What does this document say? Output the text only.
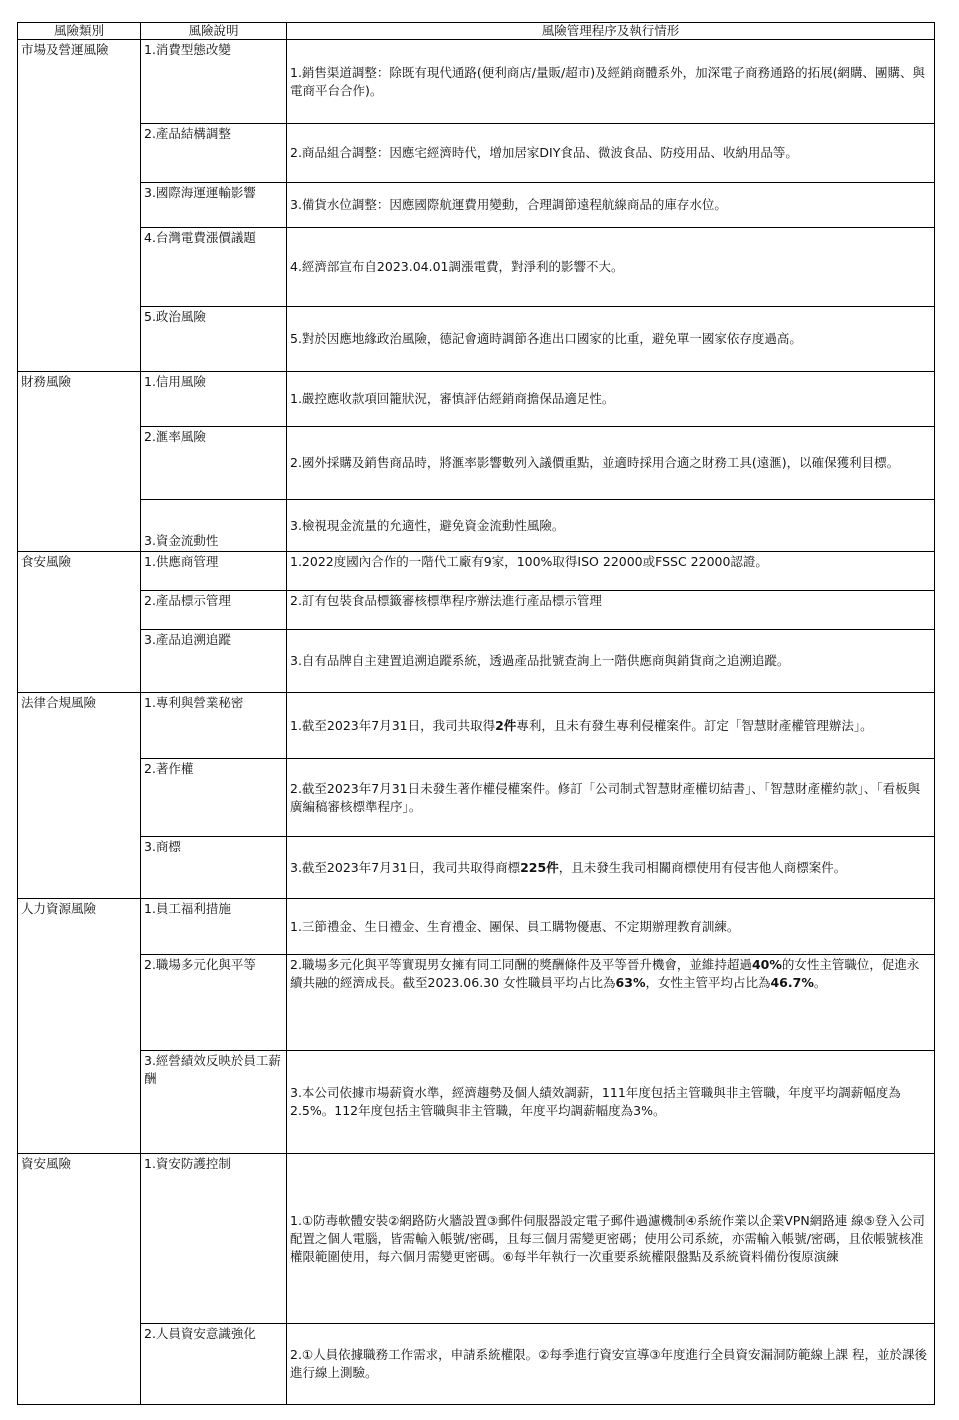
風險類別	風險說明	風險管理程序及執行情形
市場及營運風險	1.消費型態改變	1.銷售渠道調整：除既有現代通路(便利商店/量販/超市)及經銷商體系外，加深電子商務通路的拓展(網購、團購、與電商平台合作)。
	2.產品結構調整	2.商品組合調整：因應宅經濟時代，增加居家DIY食品、微波食品、防疫用品、收納用品等。
	3.國際海運運輸影響	3.備貨水位調整：因應國際航運費用變動，合理調節遠程航線商品的庫存水位。
	4.台灣電費漲價議題	4.經濟部宣布自2023.04.01調漲電費，對淨利的影響不大。
	5.政治風險	5.對於因應地緣政治風險，德記會適時調節各進出口國家的比重，避免單一國家依存度過高。
財務風險	1.信用風險	1.嚴控應收款項回籠狀況，審慎評估經銷商擔保品適足性。
	2.滙率風險	2.國外採購及銷售商品時，將滙率影響數列入議價重點，並適時採用合適之財務工具(遠滙)，以確保獲利目標。
	3.資金流動性	3.檢視現金流量的允適性，避免資金流動性風險。
食安風險	1.供應商管理	1.2022度國內合作的一階代工廠有9家，100%取得ISO 22000或FSSC 22000認證。
	2.產品標示管理	2.訂有包裝食品標籤審核標準程序辦法進行產品標示管理
	3.產品追溯追蹤	3.自有品牌自主建置追溯追蹤系統，透過產品批號查詢上一階供應商與銷貨商之追溯追蹤。
法律合規風險	1.專利與營業秘密	1.截至2023年7月31日，我司共取得2件專利，且未有發生專利侵權案件。訂定「智慧財產權管理辦法」。
	2.著作權	2.截至2023年7月31日未發生著作權侵權案件。修訂「公司制式智慧財產權切結書」、「智慧財產權約款」、「看板與廣編稿審核標準程序」。
	3.商標	3.截至2023年7月31日，我司共取得商標225件，且未發生我司相關商標使用有侵害他人商標案件。
人力資源風險	1.員工福利措施	1.三節禮金、生日禮金、生育禮金、團保、員工購物優惠、不定期辦理教育訓練。
	2.職場多元化與平等	2.職場多元化與平等實現男女擁有同工同酬的獎酬條件及平等晉升機會，並維持超過40%的女性主管職位，促進永續共融的經濟成長。截至2023.06.30 女性職員平均占比為63%，女性主管平均占比為46.7%。
	3.經營績效反映於員工薪酬	3.本公司依據市場薪資水準，經濟趨勢及個人績效調薪，111年度包括主管職與非主管職，年度平均調薪幅度為2.5%。112年度包括主管職與非主管職，年度平均調薪幅度為3%。
資安風險	1.資安防護控制	1.①防毒軟體安裝②網路防火牆設置③郵件伺服器設定電子郵件過濾機制④系統作業以企業VPN網路連 線⑤登入公司配置之個人電腦，皆需輸入帳號/密碼，且每三個月需變更密碼；使用公司系統，亦需輸入帳號/密碼，且依帳號核准權限範圍使用，每六個月需變更密碼。⑥每半年執行一次重要系統權限盤點及系統資料備份復原演練
	2.人員資安意識強化	2.①人員依據職務工作需求，申請系統權限。②每季進行資安宣導③年度進行全員資安漏洞防範線上課 程，並於課後進行線上測驗。
